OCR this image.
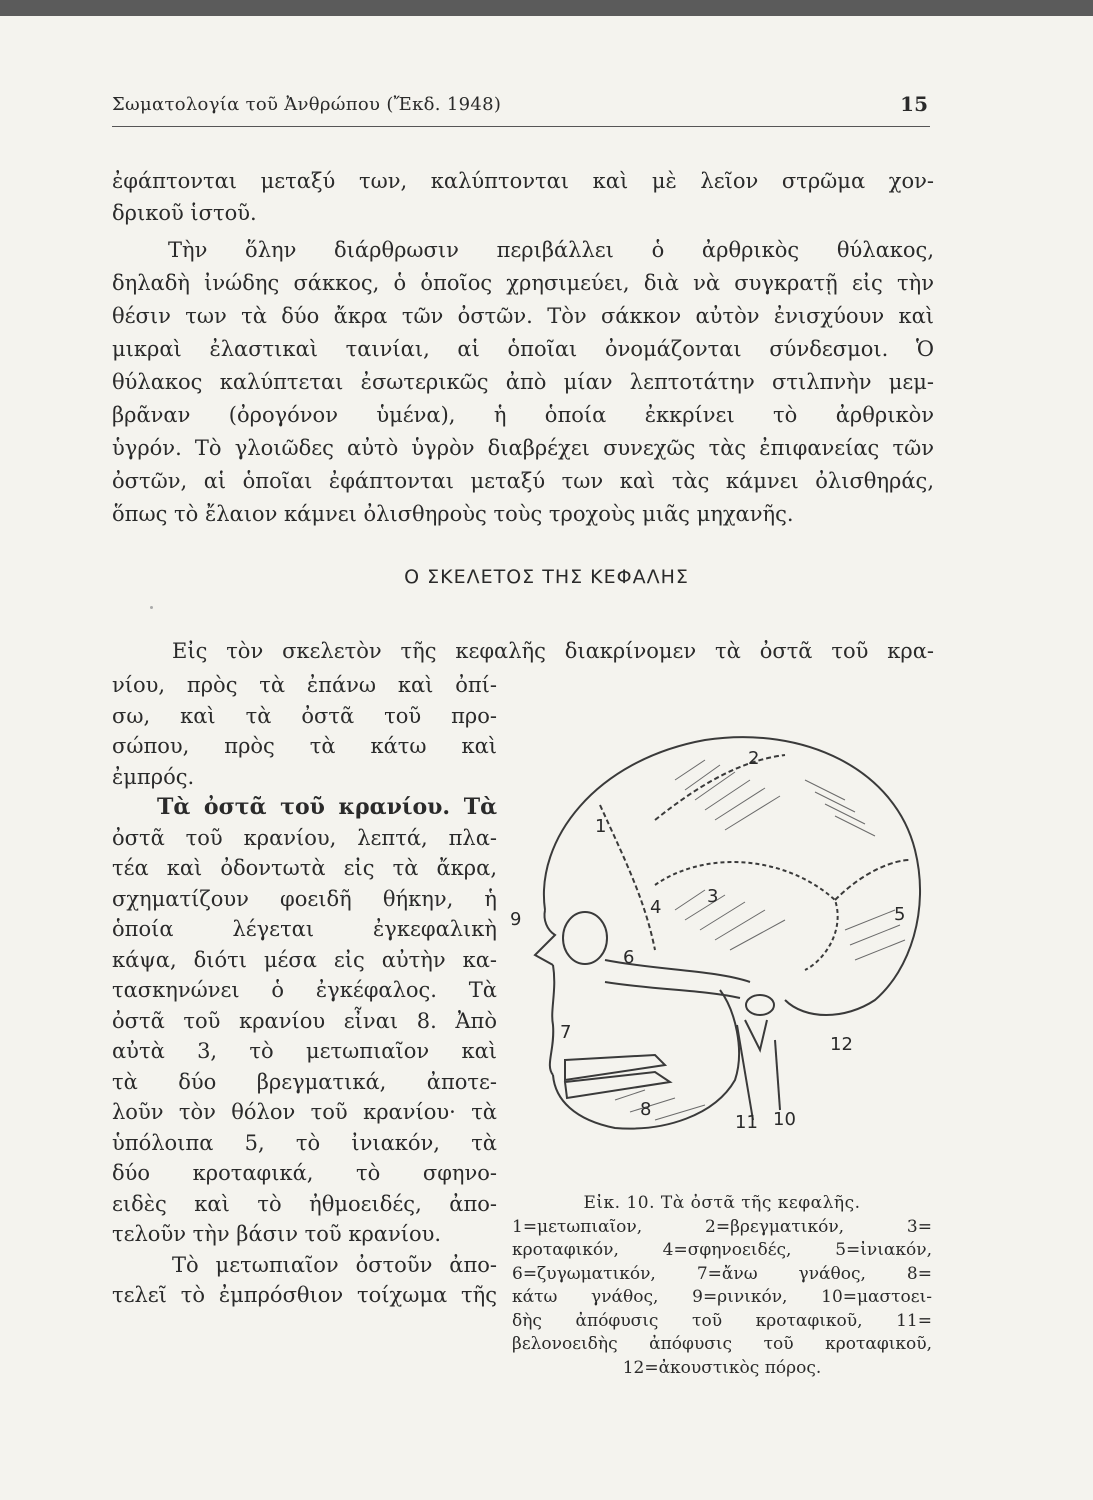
Σωματολογία τοῦ Ἀνθρώπου (Ἔκδ. 1948)	15
ἐφάπτονται μεταξύ των, καλύπτονται καὶ μὲ λεῖον στρῶμα χον-
δρικοῦ ἱστοῦ.
Τὴν ὅλην διάρθρωσιν περιβάλλει ὁ ἀρθρικὸς θύλακος,
δηλαδὴ ἰνώδης σάκκος, ὁ ὁποῖος χρησιμεύει, διὰ νὰ συγκρατῇ εἰς τὴν
θέσιν των τὰ δύο ἄκρα τῶν ὀστῶν. Τὸν σάκκον αὐτὸν ἐνισχύουν καὶ
μικραὶ ἐλαστικαὶ ταινίαι, αἱ ὁποῖαι ὀνομάζονται σύνδεσμοι. Ὁ
θύλακος καλύπτεται ἐσωτερικῶς ἀπὸ μίαν λεπτοτάτην στιλπνὴν μεμ-
βρᾶναν (ὀρογόνον ὑμένα), ἡ ὁποία ἐκκρίνει τὸ ἀρθρικὸν
ὑγρόν. Τὸ γλοιῶδες αὐτὸ ὑγρὸν διαβρέχει συνεχῶς τὰς ἐπιφανείας τῶν
ὀστῶν, αἱ ὁποῖαι ἐφάπτονται μεταξύ των καὶ τὰς κάμνει ὀλισθηράς,
ὅπως τὸ ἔλαιον κάμνει ὀλισθηροὺς τοὺς τροχοὺς μιᾶς μηχανῆς.
Ο ΣΚΕΛΕΤΟΣ ΤΗΣ ΚΕΦΑΛΗΣ
Εἰς τὸν σκελετὸν τῆς κεφαλῆς διακρίνομεν τὰ ὀστᾶ τοῦ κρα-
νίου, πρὸς τὰ ἐπάνω καὶ ὀπί-
σω, καὶ τὰ ὀστᾶ τοῦ προ-
σώπου, πρὸς τὰ κάτω καὶ
ἐμπρός.
Τὰ ὀστᾶ τοῦ κρανίου. Τὰ
ὀστᾶ τοῦ κρανίου, λεπτά, πλα-
τέα καὶ ὀδοντωτὰ εἰς τὰ ἄκρα,
σχηματίζουν φοειδῆ θήκην, ἡ
ὁποία λέγεται ἐγκεφαλικὴ
κάψα, διότι μέσα εἰς αὐτὴν κα-
τασκηνώνει ὁ ἐγκέφαλος. Τὰ
ὀστᾶ τοῦ κρανίου εἶναι 8. Ἀπὸ
αὐτὰ 3, τὸ μετωπιαῖον καὶ
τὰ δύο βρεγματικά, ἀποτε-
λοῦν τὸν θόλον τοῦ κρανίου· τὰ
ὑπόλοιπα 5, τὸ ἰνιακόν, τὰ
δύο κροταφικά, τὸ σφηνο-
ειδὲς καὶ τὸ ἠθμοειδές, ἀπο-
τελοῦν τὴν βάσιν τοῦ κρανίου.
Τὸ μετωπιαῖον ὀστοῦν ἀπο-
τελεῖ τὸ ἐμπρόσθιον τοίχωμα τῆς
1
2
3
4	5
6
7
8
9
10
11
12
Εἰκ. 10. Τὰ ὀστᾶ τῆς κεφαλῆς.
1=μετωπιαῖον, 2=βρεγματικόν, 3=
κροταφικόν, 4=σφηνοειδές, 5=ἰνιακόν,
6=ζυγωματικόν, 7=ἄνω γνάθος, 8=
κάτω γνάθος, 9=ρινικόν, 10=μαστοει-
δὴς ἀπόφυσις τοῦ κροταφικοῦ, 11=
βελονοειδὴς ἀπόφυσις τοῦ κροταφικοῦ,
12=ἀκουστικὸς πόρος.
